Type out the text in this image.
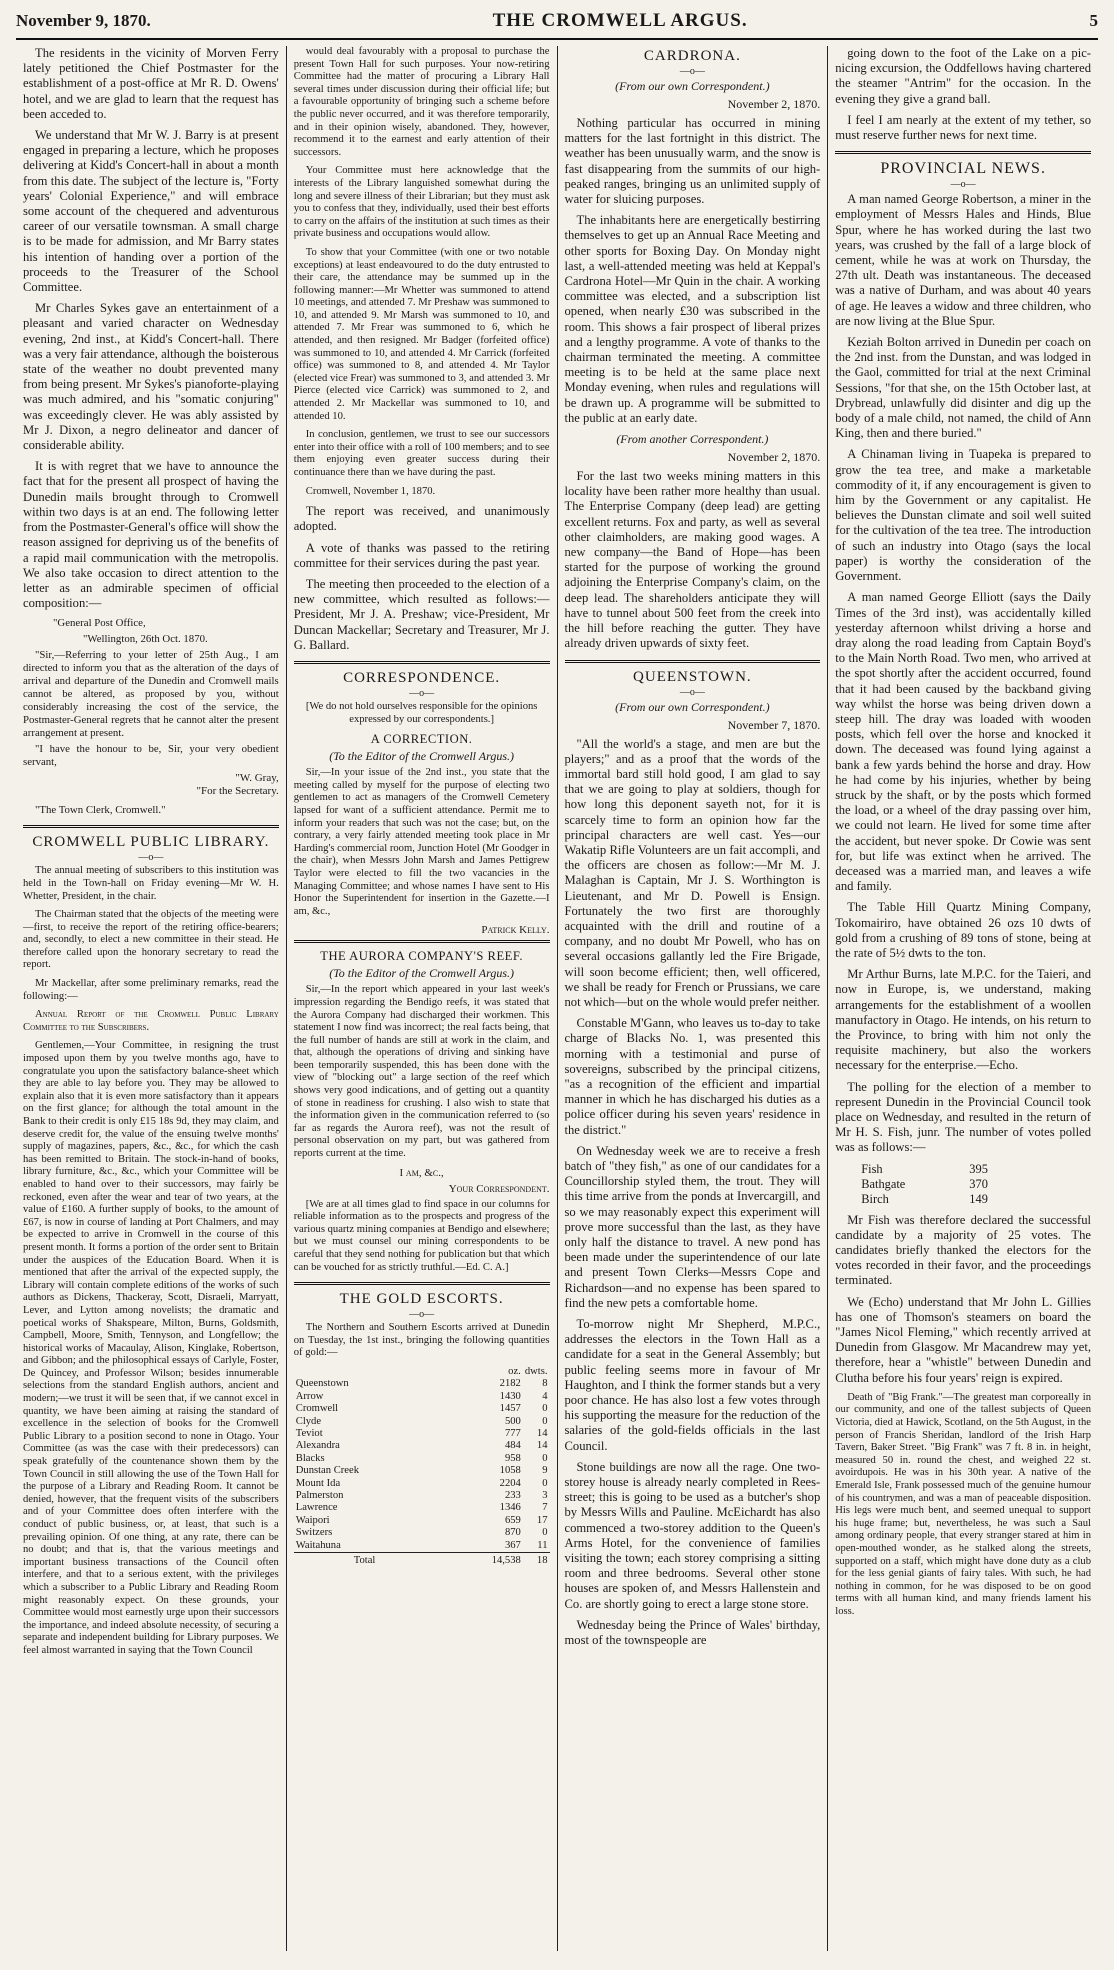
November 9, 1870.	THE CROMWELL ARGUS.	5

The residents in the vicinity of Morven Ferry lately petitioned the Chief Postmaster for the establishment of a post-office at Mr R. D. Owens' hotel, and we are glad to learn that the request has been acceded to.

We understand that Mr W. J. Barry is at present engaged in preparing a lecture, which he proposes delivering at Kidd's Concert-hall in about a month from this date. The subject of the lecture is, "Forty years' Colonial Experience," and will embrace some account of the chequered and adventurous career of our versatile townsman. A small charge is to be made for admission, and Mr Barry states his intention of handing over a portion of the proceeds to the Treasurer of the School Committee.

Mr Charles Sykes gave an entertainment of a pleasant and varied character on Wednesday evening, 2nd inst., at Kidd's Concert-hall. There was a very fair attendance, although the boisterous state of the weather no doubt prevented many from being present. Mr Sykes's pianoforte-playing was much admired, and his "somatic conjuring" was exceedingly clever. He was ably assisted by Mr J. Dixon, a negro delineator and dancer of considerable ability.

It is with regret that we have to announce the fact that for the present all prospect of having the Dunedin mails brought through to Cromwell within two days is at an end. The following letter from the Postmaster-General's office will show the reason assigned for depriving us of the benefits of a rapid mail communication with the metropolis. We also take occasion to direct attention to the letter as an admirable specimen of official composition:—

"General Post Office,

"Wellington, 26th Oct. 1870.

"Sir,—Referring to your letter of 25th Aug., I am directed to inform you that as the alteration of the days of arrival and departure of the Dunedin and Cromwell mails cannot be altered, as proposed by you, without considerably increasing the cost of the service, the Postmaster-General regrets that he cannot alter the present arrangement at present.

"I have the honour to be, Sir, your very obedient servant,

"W. Gray,
"For the Secretary.

"The Town Clerk, Cromwell."

CROMWELL PUBLIC LIBRARY.
—o—

The annual meeting of subscribers to this institution was held in the Town-hall on Friday evening—Mr W. H. Whetter, President, in the chair.

The Chairman stated that the objects of the meeting were—first, to receive the report of the retiring office-bearers; and, secondly, to elect a new committee in their stead. He therefore called upon the honorary secretary to read the report.

Mr Mackellar, after some preliminary remarks, read the following:—

Annual Report of the Cromwell Public Library Committee to the Subscribers.

Gentlemen,—Your Committee, in resigning the trust imposed upon them by you twelve months ago, have to congratulate you upon the satisfactory balance-sheet which they are able to lay before you. They may be allowed to explain also that it is even more satisfactory than it appears on the first glance; for although the total amount in the Bank to their credit is only £15 18s 9d, they may claim, and deserve credit for, the value of the ensuing twelve months' supply of magazines, papers, &c., &c., for which the cash has been remitted to Britain. The stock-in-hand of books, library furniture, &c., &c., which your Committee will be enabled to hand over to their successors, may fairly be reckoned, even after the wear and tear of two years, at the value of £160. A further supply of books, to the amount of £67, is now in course of landing at Port Chalmers, and may be expected to arrive in Cromwell in the course of this present month. It forms a portion of the order sent to Britain under the auspices of the Education Board. When it is mentioned that after the arrival of the expected supply, the Library will contain complete editions of the works of such authors as Dickens, Thackeray, Scott, Disraeli, Marryatt, Lever, and Lytton among novelists; the dramatic and poetical works of Shakspeare, Milton, Burns, Goldsmith, Campbell, Moore, Smith, Tennyson, and Longfellow; the historical works of Macaulay, Alison, Kinglake, Robertson, and Gibbon; and the philosophical essays of Carlyle, Foster, De Quincey, and Professor Wilson; besides innumerable selections from the standard English authors, ancient and modern;—we trust it will be seen that, if we cannot excel in quantity, we have been aiming at raising the standard of excellence in the selection of books for the Cromwell Public Library to a position second to none in Otago. Your Committee (as was the case with their predecessors) can speak gratefully of the countenance shown them by the Town Council in still allowing the use of the Town Hall for the purpose of a Library and Reading Room. It cannot be denied, however, that the frequent visits of the subscribers and of your Committee does often interfere with the conduct of public business, or, at least, that such is a prevailing opinion. Of one thing, at any rate, there can be no doubt; and that is, that the various meetings and important business transactions of the Council often interfere, and that to a serious extent, with the privileges which a subscriber to a Public Library and Reading Room might reasonably expect. On these grounds, your Committee would most earnestly urge upon their successors the importance, and indeed absolute necessity, of securing a separate and independent building for Library purposes. We feel almost warranted in saying that the Town Council

would deal favourably with a proposal to purchase the present Town Hall for such purposes. Your now-retiring Committee had the matter of procuring a Library Hall several times under discussion during their official life; but a favourable opportunity of bringing such a scheme before the public never occurred, and it was therefore temporarily, and in their opinion wisely, abandoned. They, however, recommend it to the earnest and early attention of their successors.

Your Committee must here acknowledge that the interests of the Library languished somewhat during the long and severe illness of their Librarian; but they must ask you to confess that they, individually, used their best efforts to carry on the affairs of the institution at such times as their private business and occupations would allow.

To show that your Committee (with one or two notable exceptions) at least endeavoured to do the duty entrusted to their care, the attendance may be summed up in the following manner:—Mr Whetter was summoned to attend 10 meetings, and attended 7. Mr Preshaw was summoned to 10, and attended 9. Mr Marsh was summoned to 10, and attended 7. Mr Frear was summoned to 6, which he attended, and then resigned. Mr Badger (forfeited office) was summoned to 10, and attended 4. Mr Carrick (forfeited office) was summoned to 8, and attended 4. Mr Taylor (elected vice Frear) was summoned to 3, and attended 3. Mr Pierce (elected vice Carrick) was summoned to 2, and attended 2. Mr Mackellar was summoned to 10, and attended 10.

In conclusion, gentlemen, we trust to see our successors enter into their office with a roll of 100 members; and to see them enjoying even greater success during their continuance there than we have during the past.

Cromwell, November 1, 1870.

The report was received, and unanimously adopted.

A vote of thanks was passed to the retiring committee for their services during the past year.

The meeting then proceeded to the election of a new committee, which resulted as follows:—President, Mr J. A. Preshaw; vice-President, Mr Duncan Mackellar; Secretary and Treasurer, Mr J. G. Ballard.

CORRESPONDENCE.
—o—

[We do not hold ourselves responsible for the opinions expressed by our correspondents.]

A CORRECTION.
(To the Editor of the Cromwell Argus.)

Sir,—In your issue of the 2nd inst., you state that the meeting called by myself for the purpose of electing two gentlemen to act as managers of the Cromwell Cemetery lapsed for want of a sufficient attendance. Permit me to inform your readers that such was not the case; but, on the contrary, a very fairly attended meeting took place in Mr Harding's commercial room, Junction Hotel (Mr Goodger in the chair), when Messrs John Marsh and James Pettigrew Taylor were elected to fill the two vacancies in the Managing Committee; and whose names I have sent to His Honor the Superintendent for insertion in the Gazette.—I am, &c.,

Patrick Kelly.
THE AURORA COMPANY'S REEF.
(To the Editor of the Cromwell Argus.)

Sir,—In the report which appeared in your last week's impression regarding the Bendigo reefs, it was stated that the Aurora Company had discharged their workmen. This statement I now find was incorrect; the real facts being, that the full number of hands are still at work in the claim, and that, although the operations of driving and sinking have been temporarily suspended, this has been done with the view of "blocking out" a large section of the reef which shows very good indications, and of getting out a quantity of stone in readiness for crushing. I also wish to state that the information given in the communication referred to (so far as regards the Aurora reef), was not the result of personal observation on my part, but was gathered from reports current at the time.

I am, &c.,
Your Correspondent.

[We are at all times glad to find space in our columns for reliable information as to the prospects and progress of the various quartz mining companies at Bendigo and elsewhere; but we must counsel our mining correspondents to be careful that they send nothing for publication but that which can be vouched for as strictly truthful.—Ed. C. A.]

THE GOLD ESCORTS.
—o—

The Northern and Southern Escorts arrived at Dunedin on Tuesday, the 1st inst., bringing the following quantities of gold:—

	oz.	dwts.
Queenstown	2182	8
Arrow	1430	4
Cromwell	1457	0
Clyde	500	0
Teviot	777	14
Alexandra	484	14
Blacks	958	0
Dunstan Creek	1058	9
Mount Ida	2204	0
Palmerston	233	3
Lawrence	1346	7
Waipori	659	17
Switzers	870	0
Waitahuna	367	11
Total	14,538	18
CARDRONA.
—o—
(From our own Correspondent.)
November 2, 1870.

Nothing particular has occurred in mining matters for the last fortnight in this district. The weather has been unusually warm, and the snow is fast disappearing from the summits of our high-peaked ranges, bringing us an unlimited supply of water for sluicing purposes.

The inhabitants here are energetically bestirring themselves to get up an Annual Race Meeting and other sports for Boxing Day. On Monday night last, a well-attended meeting was held at Keppal's Cardrona Hotel—Mr Quin in the chair. A working committee was elected, and a subscription list opened, when nearly £30 was subscribed in the room. This shows a fair prospect of liberal prizes and a lengthy programme. A vote of thanks to the chairman terminated the meeting. A committee meeting is to be held at the same place next Monday evening, when rules and regulations will be drawn up. A programme will be submitted to the public at an early date.

(From another Correspondent.)
November 2, 1870.

For the last two weeks mining matters in this locality have been rather more healthy than usual. The Enterprise Company (deep lead) are getting excellent returns. Fox and party, as well as several other claimholders, are making good wages. A new company—the Band of Hope—has been started for the purpose of working the ground adjoining the Enterprise Company's claim, on the deep lead. The shareholders anticipate they will have to tunnel about 500 feet from the creek into the hill before reaching the gutter. They have already driven upwards of sixty feet.

QUEENSTOWN.
—o—
(From our own Correspondent.)
November 7, 1870.

"All the world's a stage, and men are but the players;" and as a proof that the words of the immortal bard still hold good, I am glad to say that we are going to play at soldiers, though for how long this deponent sayeth not, for it is scarcely time to form an opinion how far the principal characters are well cast. Yes—our Wakatip Rifle Volunteers are un fait accompli, and the officers are chosen as follow:—Mr M. J. Malaghan is Captain, Mr J. S. Worthington is Lieutenant, and Mr D. Powell is Ensign. Fortunately the two first are thoroughly acquainted with the drill and routine of a company, and no doubt Mr Powell, who has on several occasions gallantly led the Fire Brigade, will soon become efficient; then, well officered, we shall be ready for French or Prussians, we care not which—but on the whole would prefer neither.

Constable M'Gann, who leaves us to-day to take charge of Blacks No. 1, was presented this morning with a testimonial and purse of sovereigns, subscribed by the principal citizens, "as a recognition of the efficient and impartial manner in which he has discharged his duties as a police officer during his seven years' residence in the district."

On Wednesday week we are to receive a fresh batch of "they fish," as one of our candidates for a Councillorship styled them, the trout. They will this time arrive from the ponds at Invercargill, and so we may reasonably expect this experiment will prove more successful than the last, as they have only half the distance to travel. A new pond has been made under the superintendence of our late and present Town Clerks—Messrs Cope and Richardson—and no expense has been spared to find the new pets a comfortable home.

To-morrow night Mr Shepherd, M.P.C., addresses the electors in the Town Hall as a candidate for a seat in the General Assembly; but public feeling seems more in favour of Mr Haughton, and I think the former stands but a very poor chance. He has also lost a few votes through his supporting the measure for the reduction of the salaries of the gold-fields officials in the last Council.

Stone buildings are now all the rage. One two-storey house is already nearly completed in Rees-street; this is going to be used as a butcher's shop by Messrs Wills and Pauline. McEichardt has also commenced a two-storey addition to the Queen's Arms Hotel, for the convenience of families visiting the town; each storey comprising a sitting room and three bedrooms. Several other stone houses are spoken of, and Messrs Hallenstein and Co. are shortly going to erect a large stone store.

Wednesday being the Prince of Wales' birthday, most of the townspeople are

going down to the foot of the Lake on a pic-nicing excursion, the Oddfellows having chartered the steamer "Antrim" for the occasion. In the evening they give a grand ball.

I feel I am nearly at the extent of my tether, so must reserve further news for next time.

PROVINCIAL NEWS.
—o—

A man named George Robertson, a miner in the employment of Messrs Hales and Hinds, Blue Spur, where he has worked during the last two years, was crushed by the fall of a large block of cement, while he was at work on Thursday, the 27th ult. Death was instantaneous. The deceased was a native of Durham, and was about 40 years of age. He leaves a widow and three children, who are now living at the Blue Spur.

Keziah Bolton arrived in Dunedin per coach on the 2nd inst. from the Dunstan, and was lodged in the Gaol, committed for trial at the next Criminal Sessions, "for that she, on the 15th October last, at Drybread, unlawfully did disinter and dig up the body of a male child, not named, the child of Ann King, then and there buried."

A Chinaman living in Tuapeka is prepared to grow the tea tree, and make a marketable commodity of it, if any encouragement is given to him by the Government or any capitalist. He believes the Dunstan climate and soil well suited for the cultivation of the tea tree. The introduction of such an industry into Otago (says the local paper) is worthy the consideration of the Government.

A man named George Elliott (says the Daily Times of the 3rd inst), was accidentally killed yesterday afternoon whilst driving a horse and dray along the road leading from Captain Boyd's to the Main North Road. Two men, who arrived at the spot shortly after the accident occurred, found that it had been caused by the backband giving way whilst the horse was being driven down a steep hill. The dray was loaded with wooden posts, which fell over the horse and knocked it down. The deceased was found lying against a bank a few yards behind the horse and dray. How he had come by his injuries, whether by being struck by the shaft, or by the posts which formed the load, or a wheel of the dray passing over him, we could not learn. He lived for some time after the accident, but never spoke. Dr Cowie was sent for, but life was extinct when he arrived. The deceased was a married man, and leaves a wife and family.

The Table Hill Quartz Mining Company, Tokomairiro, have obtained 26 ozs 10 dwts of gold from a crushing of 89 tons of stone, being at the rate of 5½ dwts to the ton.

Mr Arthur Burns, late M.P.C. for the Taieri, and now in Europe, is, we understand, making arrangements for the establishment of a woollen manufactory in Otago. He intends, on his return to the Province, to bring with him not only the requisite machinery, but also the workers necessary for the enterprise.—Echo.

The polling for the election of a member to represent Dunedin in the Provincial Council took place on Wednesday, and resulted in the return of Mr H. S. Fish, junr. The number of votes polled was as follows:—

Fish	395
Bathgate	370
Birch	149

Mr Fish was therefore declared the successful candidate by a majority of 25 votes. The candidates briefly thanked the electors for the votes recorded in their favor, and the proceedings terminated.

We (Echo) understand that Mr John L. Gillies has one of Thomson's steamers on board the "James Nicol Fleming," which recently arrived at Dunedin from Glasgow. Mr Macandrew may yet, therefore, hear a "whistle" between Dunedin and Clutha before his four years' reign is expired.

Death of "Big Frank."—The greatest man corporeally in our community, and one of the tallest subjects of Queen Victoria, died at Hawick, Scotland, on the 5th August, in the person of Francis Sheridan, landlord of the Irish Harp Tavern, Baker Street. "Big Frank" was 7 ft. 8 in. in height, measured 50 in. round the chest, and weighed 22 st. avoirdupois. He was in his 30th year. A native of the Emerald Isle, Frank possessed much of the genuine humour of his countrymen, and was a man of peaceable disposition. His legs were much bent, and seemed unequal to support his huge frame; but, nevertheless, he was such a Saul among ordinary people, that every stranger stared at him in open-mouthed wonder, as he stalked along the streets, supported on a staff, which might have done duty as a club for the less genial giants of fairy tales. With such, he had nothing in common, for he was disposed to be on good terms with all human kind, and many friends lament his loss.
